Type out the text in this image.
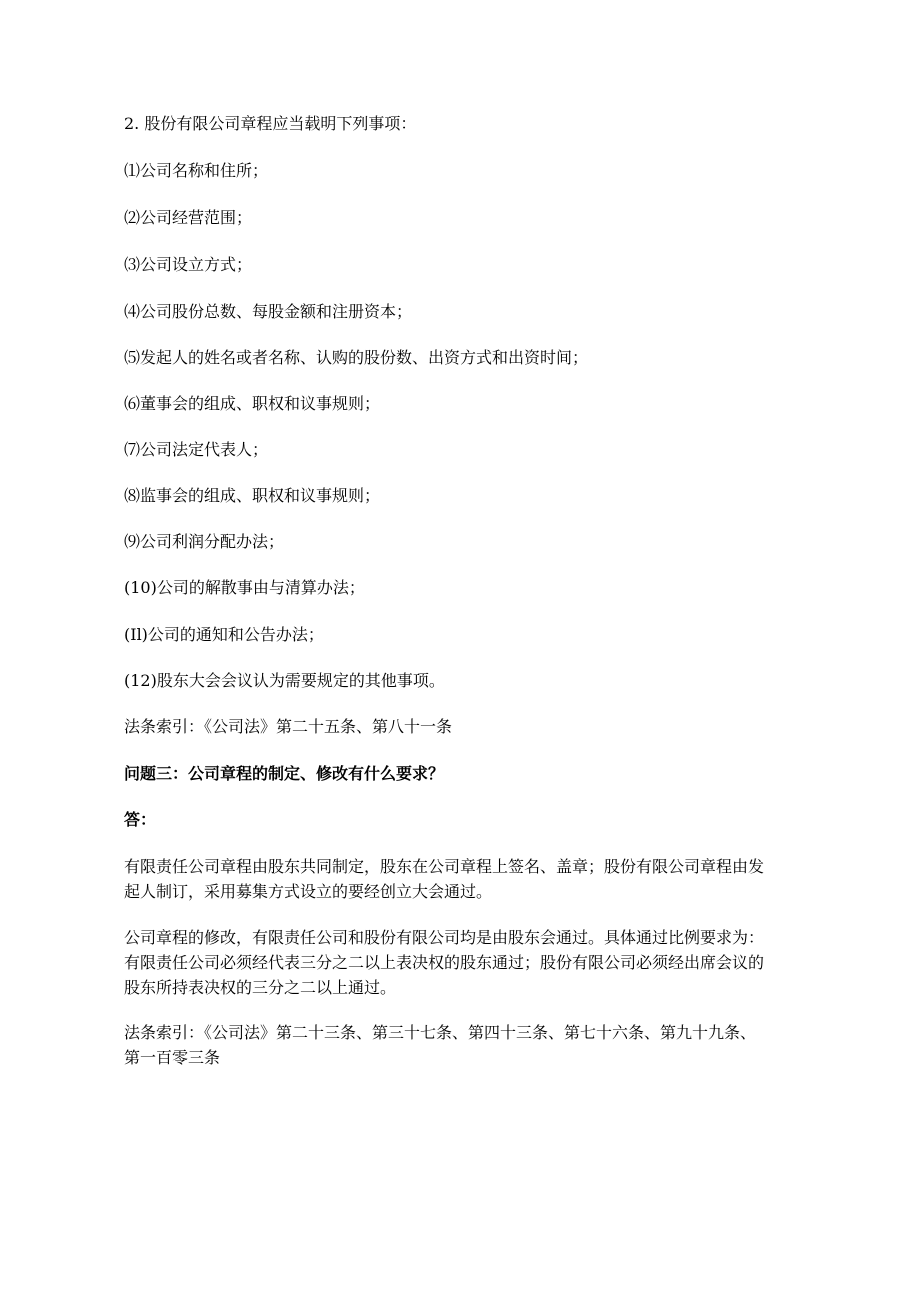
2. 股份有限公司章程应当载明下列事项：
⑴公司名称和住所；
⑵公司经营范围；
⑶公司设立方式；
⑷公司股份总数、每股金额和注册资本；
⑸发起人的姓名或者名称、认购的股份数、出资方式和出资时间；
⑹董事会的组成、职权和议事规则；
⑺公司法定代表人；
⑻监事会的组成、职权和议事规则；
⑼公司利润分配办法；
(10)公司的解散事由与清算办法；
(Il)公司的通知和公告办法；
(12)股东大会会议认为需要规定的其他事项。
法条索引：《公司法》第二十五条、第八十一条
问题三：公司章程的制定、修改有什么要求？
答：
有限责任公司章程由股东共同制定，股东在公司章程上签名、盖章；股份有限公司章程由发
起人制订，采用募集方式设立的要经创立大会通过。
公司章程的修改，有限责任公司和股份有限公司均是由股东会通过。具体通过比例要求为：
有限责任公司必须经代表三分之二以上表决权的股东通过；股份有限公司必须经出席会议的
股东所持表决权的三分之二以上通过。
法条索引：《公司法》第二十三条、第三十七条、第四十三条、第七十六条、第九十九条、
第一百零三条
